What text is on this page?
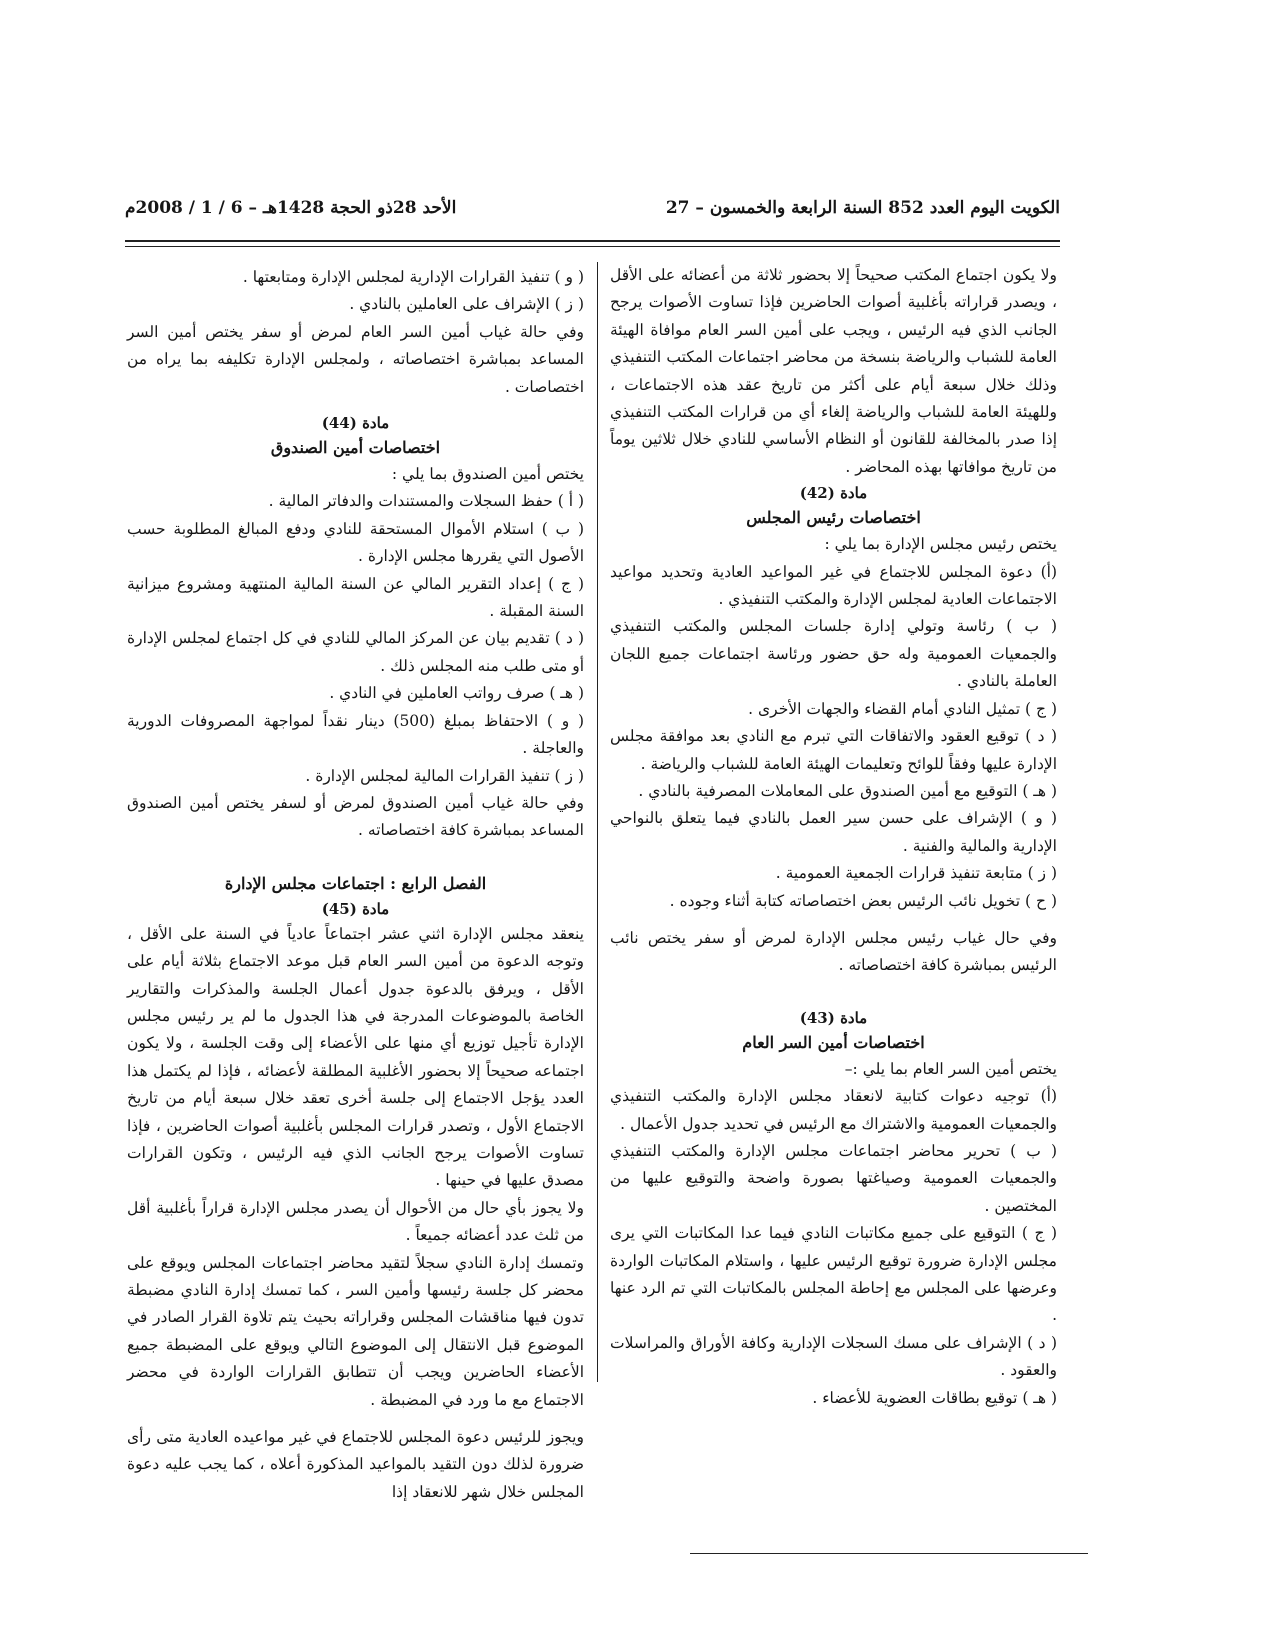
الكويت اليوم العدد 852 السنة الرابعة والخمسون – 27
الأحد 28ذو الحجة 1428هـ – 6 / 1 / 2008م

ولا يكون اجتماع المكتب صحيحاً إلا بحضور ثلاثة من أعضائه على الأقل ، ويصدر قراراته بأغلبية أصوات الحاضرين فإذا تساوت الأصوات يرجح الجانب الذي فيه الرئيس ، ويجب على أمين السر العام موافاة الهيئة العامة للشباب والرياضة بنسخة من محاضر اجتماعات المكتب التنفيذي وذلك خلال سبعة أيام على أكثر من تاريخ عقد هذه الاجتماعات ، وللهيئة العامة للشباب والرياضة إلغاء أي من قرارات المكتب التنفيذي إذا صدر بالمخالفة للقانون أو النظام الأساسي للنادي خلال ثلاثين يوماً من تاريخ موافاتها بهذه المحاضر .

مادة (42)

اختصاصات رئيس المجلس

يختص رئيس مجلس الإدارة بما يلي :

(أ) دعوة المجلس للاجتماع في غير المواعيد العادية وتحديد مواعيد الاجتماعات العادية لمجلس الإدارة والمكتب التنفيذي .

( ب ) رئاسة وتولي إدارة جلسات المجلس والمكتب التنفيذي والجمعيات العمومية وله حق حضور ورئاسة اجتماعات جميع اللجان العاملة بالنادي .

( ج ) تمثيل النادي أمام القضاء والجهات الأخرى .

( د ) توقيع العقود والاتفاقات التي تبرم مع النادي بعد موافقة مجلس الإدارة عليها وفقاً للوائح وتعليمات الهيئة العامة للشباب والرياضة .

( هـ ) التوقيع مع أمين الصندوق على المعاملات المصرفية بالنادي .

( و ) الإشراف على حسن سير العمل بالنادي فيما يتعلق بالنواحي الإدارية والمالية والفنية .

( ز ) متابعة تنفيذ قرارات الجمعية العمومية .

( ح ) تخويل نائب الرئيس بعض اختصاصاته كتابة أثناء وجوده .

وفي حال غياب رئيس مجلس الإدارة لمرض أو سفر يختص نائب الرئيس بمباشرة كافة اختصاصاته .

مادة (43)

اختصاصات أمين السر العام

يختص أمين السر العام بما يلي :–

(أ) توجيه دعوات كتابية لانعقاد مجلس الإدارة والمكتب التنفيذي والجمعيات العمومية والاشتراك مع الرئيس في تحديد جدول الأعمال .

( ب ) تحرير محاضر اجتماعات مجلس الإدارة والمكتب التنفيذي والجمعيات العمومية وصياغتها بصورة واضحة والتوقيع عليها من المختصين .

( ج ) التوقيع على جميع مكاتبات النادي فيما عدا المكاتبات التي يرى مجلس الإدارة ضرورة توقيع الرئيس عليها ، واستلام المكاتبات الواردة وعرضها على المجلس مع إحاطة المجلس بالمكاتبات التي تم الرد عنها .

( د ) الإشراف على مسك السجلات الإدارية وكافة الأوراق والمراسلات والعقود .

( هـ ) توقيع بطاقات العضوية للأعضاء .

( و ) تنفيذ القرارات الإدارية لمجلس الإدارة ومتابعتها .

( ز ) الإشراف على العاملين بالنادي .

وفي حالة غياب أمين السر العام لمرض أو سفر يختص أمين السر المساعد بمباشرة اختصاصاته ، ولمجلس الإدارة تكليفه بما يراه من اختصاصات .

مادة (44)

اختصاصات أمين الصندوق

يختص أمين الصندوق بما يلي :

( أ ) حفظ السجلات والمستندات والدفاتر المالية .

( ب ) استلام الأموال المستحقة للنادي ودفع المبالغ المطلوبة حسب الأصول التي يقررها مجلس الإدارة .

( ج ) إعداد التقرير المالي عن السنة المالية المنتهية ومشروع ميزانية السنة المقبلة .

( د ) تقديم بيان عن المركز المالي للنادي في كل اجتماع لمجلس الإدارة أو متى طلب منه المجلس ذلك .

( هـ ) صرف رواتب العاملين في النادي .

( و ) الاحتفاظ بمبلغ (500) دينار نقداً لمواجهة المصروفات الدورية والعاجلة .

( ز ) تنفيذ القرارات المالية لمجلس الإدارة .

وفي حالة غياب أمين الصندوق لمرض أو لسفر يختص أمين الصندوق المساعد بمباشرة كافة اختصاصاته .

الفصل الرابع : اجتماعات مجلس الإدارة

مادة (45)

ينعقد مجلس الإدارة اثني عشر اجتماعاً عادياً في السنة على الأقل ، وتوجه الدعوة من أمين السر العام قبل موعد الاجتماع بثلاثة أيام على الأقل ، ويرفق بالدعوة جدول أعمال الجلسة والمذكرات والتقارير الخاصة بالموضوعات المدرجة في هذا الجدول ما لم ير رئيس مجلس الإدارة تأجيل توزيع أي منها على الأعضاء إلى وقت الجلسة ، ولا يكون اجتماعه صحيحاً إلا بحضور الأغلبية المطلقة لأعضائه ، فإذا لم يكتمل هذا العدد يؤجل الاجتماع إلى جلسة أخرى تعقد خلال سبعة أيام من تاريخ الاجتماع الأول ، وتصدر قرارات المجلس بأغلبية أصوات الحاضرين ، فإذا تساوت الأصوات يرجح الجانب الذي فيه الرئيس ، وتكون القرارات مصدق عليها في حينها .

ولا يجوز بأي حال من الأحوال أن يصدر مجلس الإدارة قراراً بأغلبية أقل من ثلث عدد أعضائه جميعاً .

وتمسك إدارة النادي سجلاً لتقيد محاضر اجتماعات المجلس ويوقع على محضر كل جلسة رئيسها وأمين السر ، كما تمسك إدارة النادي مضبطة تدون فيها مناقشات المجلس وقراراته بحيث يتم تلاوة القرار الصادر في الموضوع قبل الانتقال إلى الموضوع التالي ويوقع على المضبطة جميع الأعضاء الحاضرين ويجب أن تتطابق القرارات الواردة في محضر الاجتماع مع ما ورد في المضبطة .

ويجوز للرئيس دعوة المجلس للاجتماع في غير مواعيده العادية متى رأى ضرورة لذلك دون التقيد بالمواعيد المذكورة أعلاه ، كما يجب عليه دعوة المجلس خلال شهر للانعقاد إذا
